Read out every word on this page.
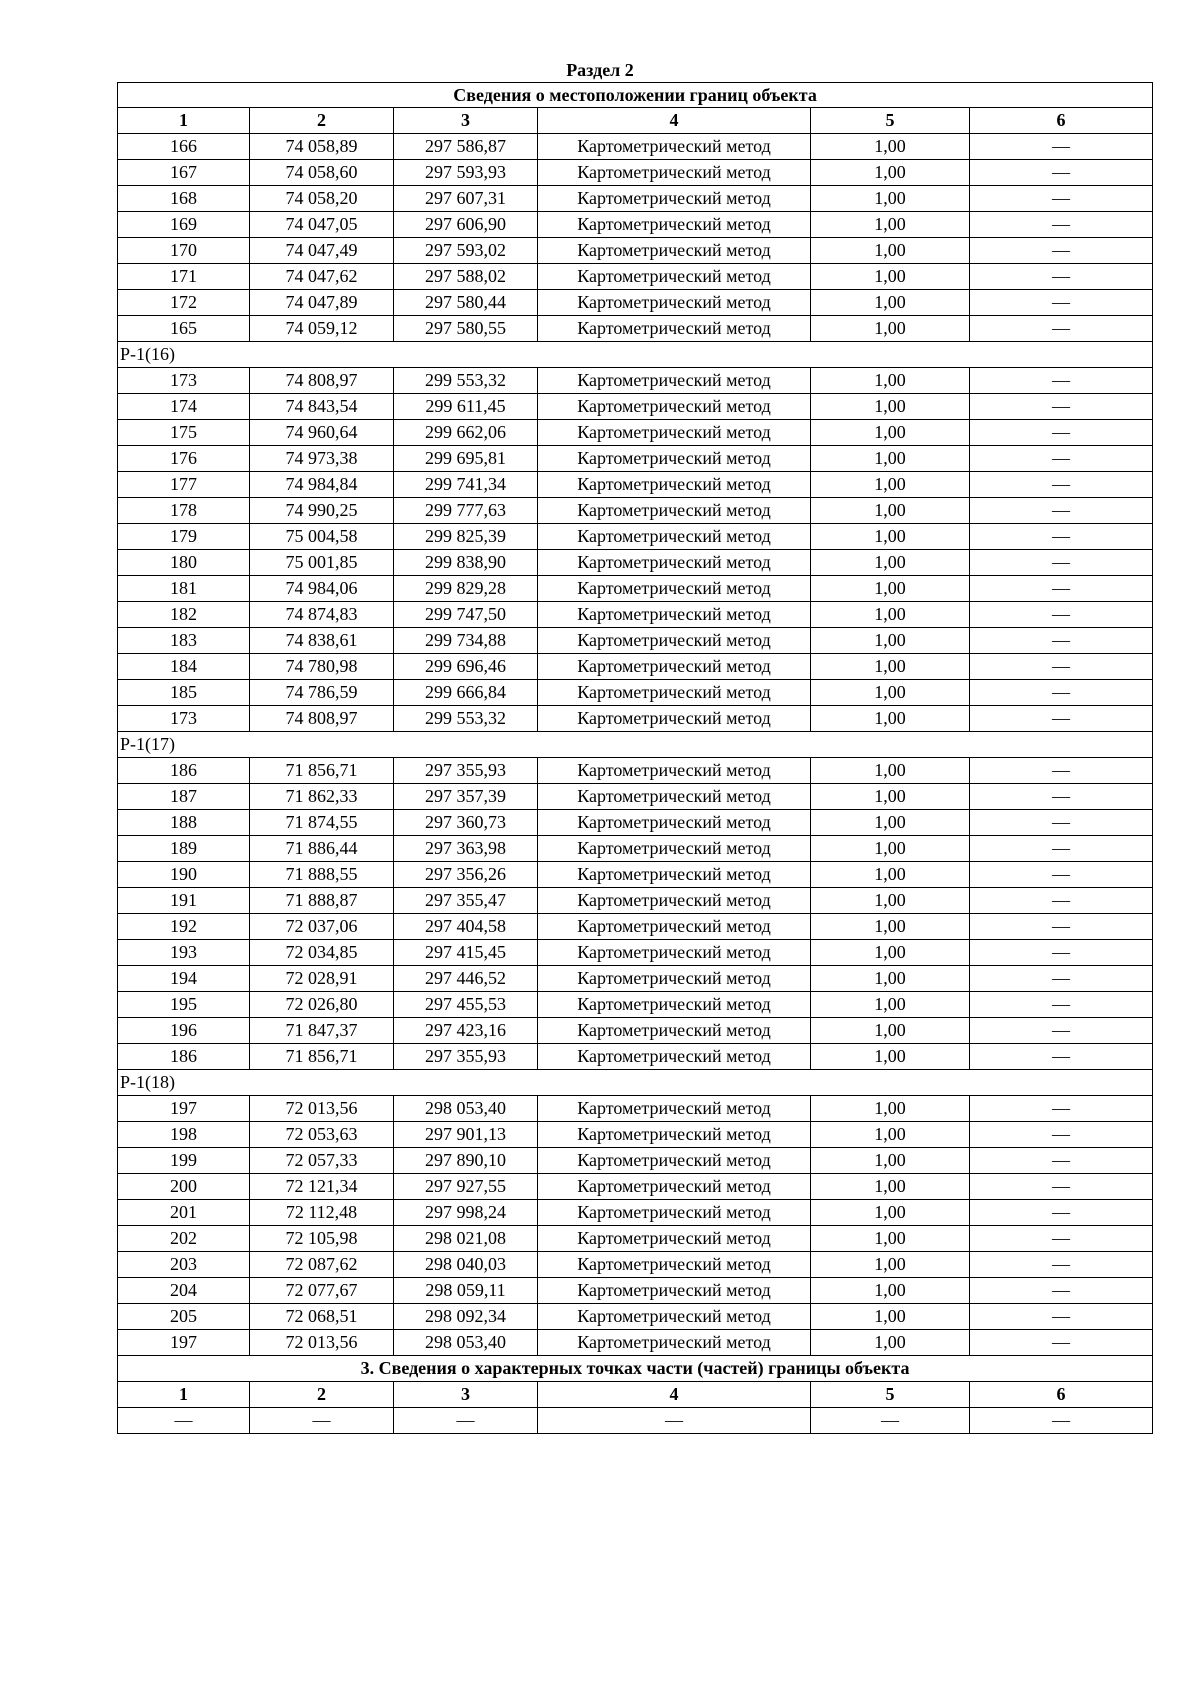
Раздел 2
Сведения о местоположении границ объекта					
1	2	3	4	5	6
166	74 058,89	297 586,87	Картометрический метод	1,00	—
167	74 058,60	297 593,93	Картометрический метод	1,00	—
168	74 058,20	297 607,31	Картометрический метод	1,00	—
169	74 047,05	297 606,90	Картометрический метод	1,00	—
170	74 047,49	297 593,02	Картометрический метод	1,00	—
171	74 047,62	297 588,02	Картометрический метод	1,00	—
172	74 047,89	297 580,44	Картометрический метод	1,00	—
165	74 059,12	297 580,55	Картометрический метод	1,00	—
Р-1(16)					
173	74 808,97	299 553,32	Картометрический метод	1,00	—
174	74 843,54	299 611,45	Картометрический метод	1,00	—
175	74 960,64	299 662,06	Картометрический метод	1,00	—
176	74 973,38	299 695,81	Картометрический метод	1,00	—
177	74 984,84	299 741,34	Картометрический метод	1,00	—
178	74 990,25	299 777,63	Картометрический метод	1,00	—
179	75 004,58	299 825,39	Картометрический метод	1,00	—
180	75 001,85	299 838,90	Картометрический метод	1,00	—
181	74 984,06	299 829,28	Картометрический метод	1,00	—
182	74 874,83	299 747,50	Картометрический метод	1,00	—
183	74 838,61	299 734,88	Картометрический метод	1,00	—
184	74 780,98	299 696,46	Картометрический метод	1,00	—
185	74 786,59	299 666,84	Картометрический метод	1,00	—
173	74 808,97	299 553,32	Картометрический метод	1,00	—
Р-1(17)					
186	71 856,71	297 355,93	Картометрический метод	1,00	—
187	71 862,33	297 357,39	Картометрический метод	1,00	—
188	71 874,55	297 360,73	Картометрический метод	1,00	—
189	71 886,44	297 363,98	Картометрический метод	1,00	—
190	71 888,55	297 356,26	Картометрический метод	1,00	—
191	71 888,87	297 355,47	Картометрический метод	1,00	—
192	72 037,06	297 404,58	Картометрический метод	1,00	—
193	72 034,85	297 415,45	Картометрический метод	1,00	—
194	72 028,91	297 446,52	Картометрический метод	1,00	—
195	72 026,80	297 455,53	Картометрический метод	1,00	—
196	71 847,37	297 423,16	Картометрический метод	1,00	—
186	71 856,71	297 355,93	Картометрический метод	1,00	—
Р-1(18)					
197	72 013,56	298 053,40	Картометрический метод	1,00	—
198	72 053,63	297 901,13	Картометрический метод	1,00	—
199	72 057,33	297 890,10	Картометрический метод	1,00	—
200	72 121,34	297 927,55	Картометрический метод	1,00	—
201	72 112,48	297 998,24	Картометрический метод	1,00	—
202	72 105,98	298 021,08	Картометрический метод	1,00	—
203	72 087,62	298 040,03	Картометрический метод	1,00	—
204	72 077,67	298 059,11	Картометрический метод	1,00	—
205	72 068,51	298 092,34	Картометрический метод	1,00	—
197	72 013,56	298 053,40	Картометрический метод	1,00	—
3. Сведения о характерных точках части (частей) границы объекта					
1	2	3	4	5	6
—	—	—	—	—	—
